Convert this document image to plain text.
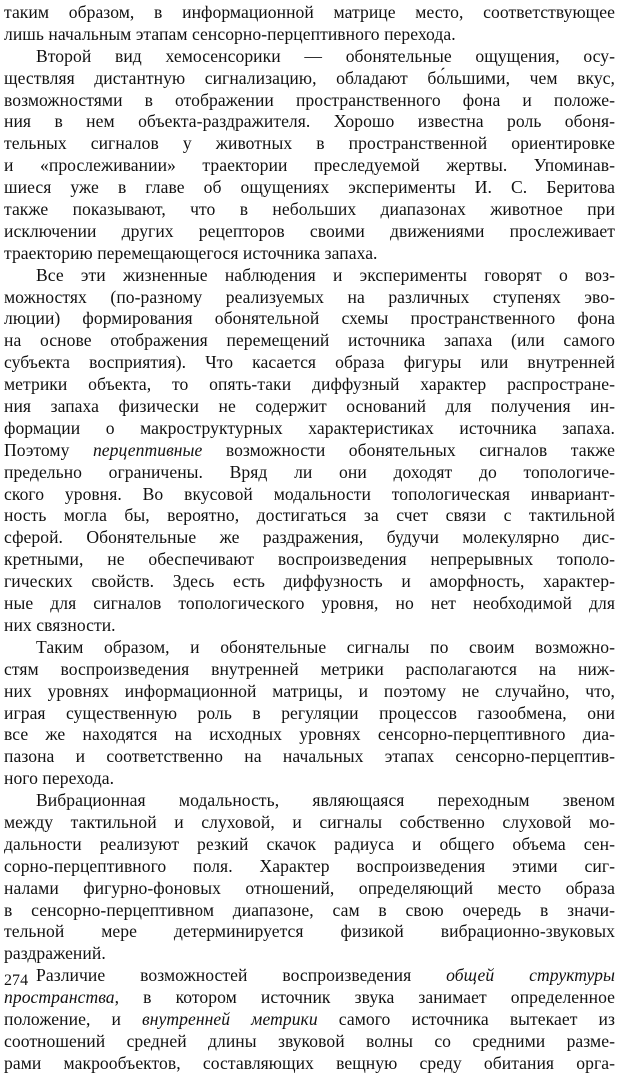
таким образом, в информационной матрице место, соответствующее
лишь начальным этапам сенсорно-перцептивного перехода.
Второй вид хемосенсорики — обонятельные ощущения, осу-
ществляя дистантную сигнализацию, обладают бо́льшими, чем вкус,
возможностями в отображении пространственного фона и положе-
ния в нем объекта-раздражителя. Хорошо известна роль обоня-
тельных сигналов у животных в пространственной ориентировке
и «прослеживании» траектории преследуемой жертвы. Упоминав-
шиеся уже в главе об ощущениях эксперименты И. С. Беритова
также показывают, что в небольших диапазонах животное при
исключении других рецепторов своими движениями прослеживает
траекторию перемещающегося источника запаха.
Все эти жизненные наблюдения и эксперименты говорят о воз-
можностях (по-разному реализуемых на различных ступенях эво-
люции) формирования обонятельной схемы пространственного фона
на основе отображения перемещений источника запаха (или самого
субъекта восприятия). Что касается образа фигуры или внутренней
метрики объекта, то опять-таки диффузный характер распростране-
ния запаха физически не содержит оснований для получения ин-
формации о макроструктурных характеристиках источника запаха.
Поэтому перцептивные возможности обонятельных сигналов также
предельно ограничены. Вряд ли они доходят до топологиче-
ского уровня. Во вкусовой модальности топологическая инвариант-
ность могла бы, вероятно, достигаться за счет связи с тактильной
сферой. Обонятельные же раздражения, будучи молекулярно дис-
кретными, не обеспечивают воспроизведения непрерывных тополо-
гических свойств. Здесь есть диффузность и аморфность, характер-
ные для сигналов топологического уровня, но нет необходимой для
них связности.
Таким образом, и обонятельные сигналы по своим возможно-
стям воспроизведения внутренней метрики располагаются на ниж-
них уровнях информационной матрицы, и поэтому не случайно, что,
играя существенную роль в регуляции процессов газообмена, они
все же находятся на исходных уровнях сенсорно-перцептивного диа-
пазона и соответственно на начальных этапах сенсорно-перцептив-
ного перехода.
Вибрационная модальность, являющаяся переходным звеном
между тактильной и слуховой, и сигналы собственно слуховой мо-
дальности реализуют резкий скачок радиуса и общего объема сен-
сорно-перцептивного поля. Характер воспроизведения этими сиг-
налами фигурно-фоновых отношений, определяющий место образа
в сенсорно-перцептивном диапазоне, сам в свою очередь в значи-
тельной мере детерминируется физикой вибрационно-звуковых
раздражений.
Различие возможностей воспроизведения общей структуры
пространства, в котором источник звука занимает определенное
положение, и внутренней метрики самого источника вытекает из
соотношений средней длины звуковой волны со средними разме-
рами макрообъектов, составляющих вещную среду обитания орга-
274
